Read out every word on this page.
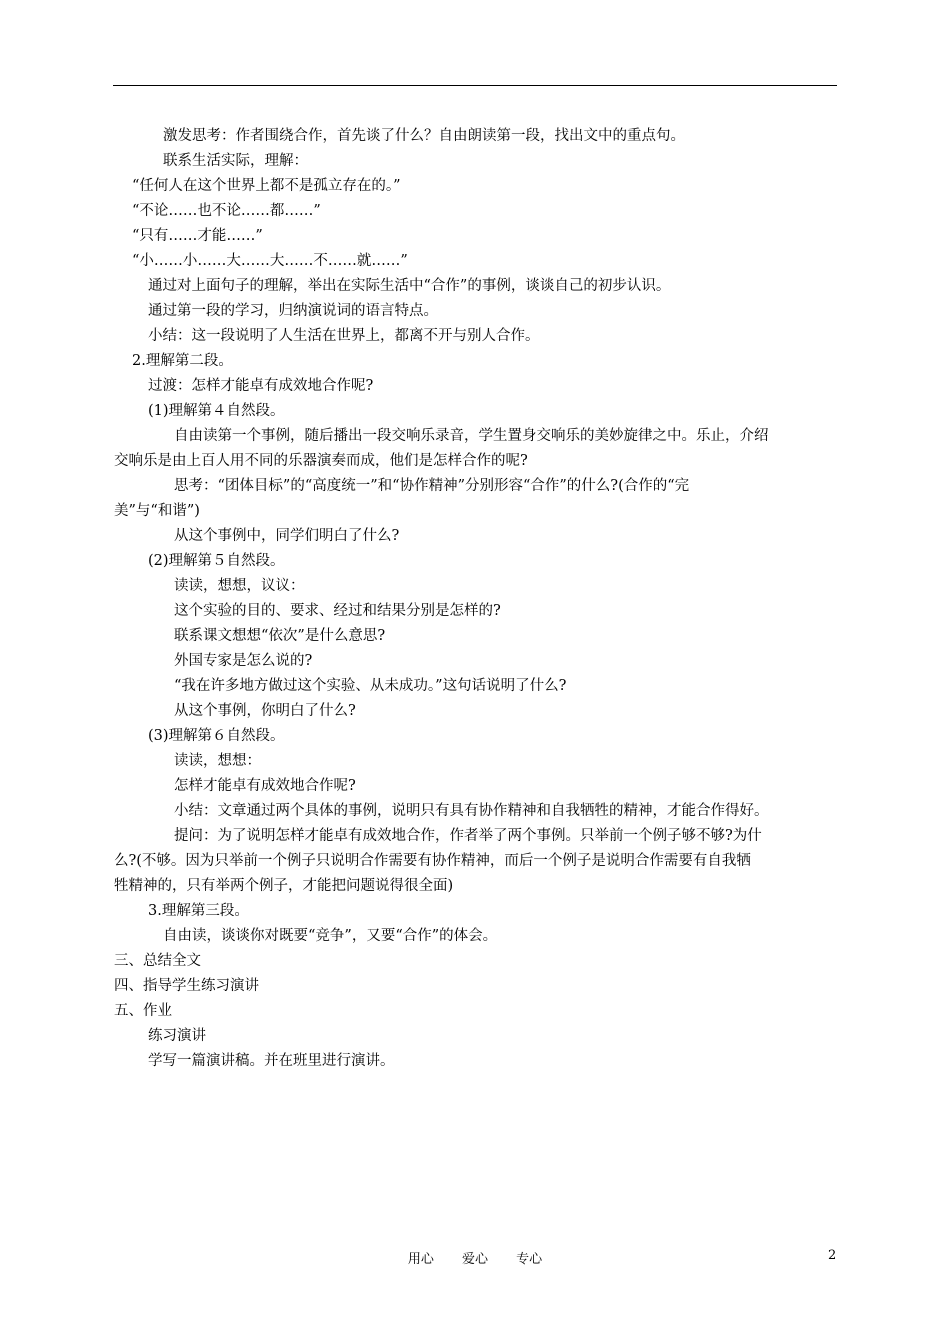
激发思考：作者围绕合作，首先谈了什么？自由朗读第一段，找出文中的重点句。
联系生活实际，理解：
“任何人在这个世界上都不是孤立存在的。”
“不论……也不论……都……”
“只有……才能……”
“小……小……大……大……不……就……”
通过对上面句子的理解，举出在实际生活中“合作”的事例，谈谈自己的初步认识。
通过第一段的学习，归纳演说词的语言特点。
小结：这一段说明了人生活在世界上，都离不开与别人合作。
2.理解第二段。
过渡：怎样才能卓有成效地合作呢?
(1)理解第４自然段。
自由读第一个事例，随后播出一段交响乐录音，学生置身交响乐的美妙旋律之中。乐止，介绍
交响乐是由上百人用不同的乐器演奏而成，他们是怎样合作的呢?
思考：“团体目标”的“高度统一”和“协作精神”分别形容“合作”的什么?(合作的“完
美”与“和谐”)
从这个事例中，同学们明白了什么?
(2)理解第５自然段。
读读，想想，议议：
这个实验的目的、要求、经过和结果分别是怎样的?
联系课文想想“依次”是什么意思?
外国专家是怎么说的?
“我在许多地方做过这个实验、从未成功。”这句话说明了什么?
从这个事例，你明白了什么?
(3)理解第６自然段。
读读，想想：
怎样才能卓有成效地合作呢?
小结：文章通过两个具体的事例，说明只有具有协作精神和自我牺牲的精神，才能合作得好。
提问：为了说明怎样才能卓有成效地合作，作者举了两个事例。只举前一个例子够不够?为什
么?(不够。因为只举前一个例子只说明合作需要有协作精神，而后一个例子是说明合作需要有自我牺
牲精神的，只有举两个例子，才能把问题说得很全面)
3.理解第三段。
自由读，谈谈你对既要“竞争”，又要“合作”的体会。
三、总结全文
四、指导学生练习演讲
五、作业
练习演讲
学写一篇演讲稿。并在班里进行演讲。
用心 爱心 专心	2
